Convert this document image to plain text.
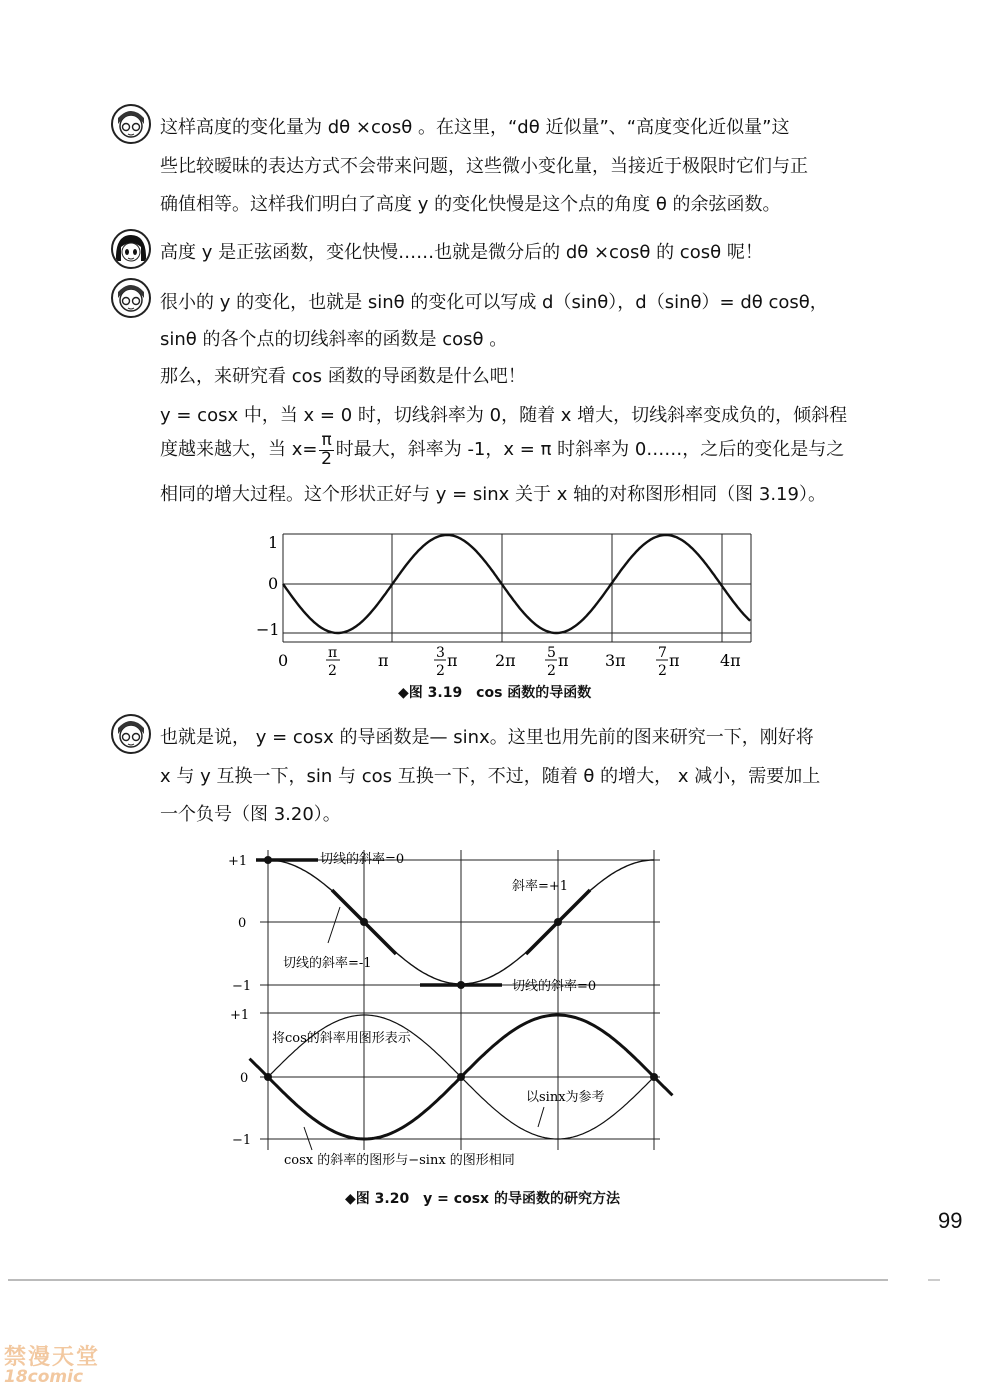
这样高度的变化量为 dθ ×cosθ 。在这里，“dθ 近似量”、“高度变化近似量”这
些比较暧昧的表达方式不会带来问题，这些微小变化量，当接近于极限时它们与正
确值相等。这样我们明白了高度 y 的变化快慢是这个点的角度 θ 的余弦函数。
高度 y 是正弦函数，变化快慢……也就是微分后的 dθ ×cosθ 的 cosθ 呢！
很小的 y 的变化，也就是 sinθ 的变化可以写成 d（sinθ），d（sinθ）= dθ cosθ，
sinθ 的各个点的切线斜率的函数是 cosθ 。
那么，来研究看 cos 函数的导函数是什么吧！
y = cosx 中，当 x = 0 时，切线斜率为 0，随着 x 增大，切线斜率变成负的，倾斜程
度越来越大，当 $x= \frac{\pi}{2}$ 时最大，斜率为 -1，x = π 时斜率为 0……，之后的变化是与之
相同的增大过程。这个形状正好与 y = sinx 关于 x 轴的对称图形相同（图 3.19）。
1
0
−1
0	π
2
π	3
2
π 2π 5
2
π 3π 7
2
π	4π
◆图 3.19　cos 函数的导函数
也就是说， y = cosx 的导函数是— sinx。这里也用先前的图来研究一下，刚好将
x 与 y 互换一下，sin 与 cos 互换一下，不过，随着 θ 的增大， x 减小，需要加上
一个负号（图 3.20）。
+1
0
−1
+1
0
−1
切线的斜率=0
斜率=+1
切线的斜率=-1
切线的斜率=0
将cos的斜率用图形表示
以sinx为参考
cosx 的斜率的图形与−sinx 的图形相同
◆图 3.20　y = cosx 的导函数的研究方法
99
禁漫天堂
18comic
